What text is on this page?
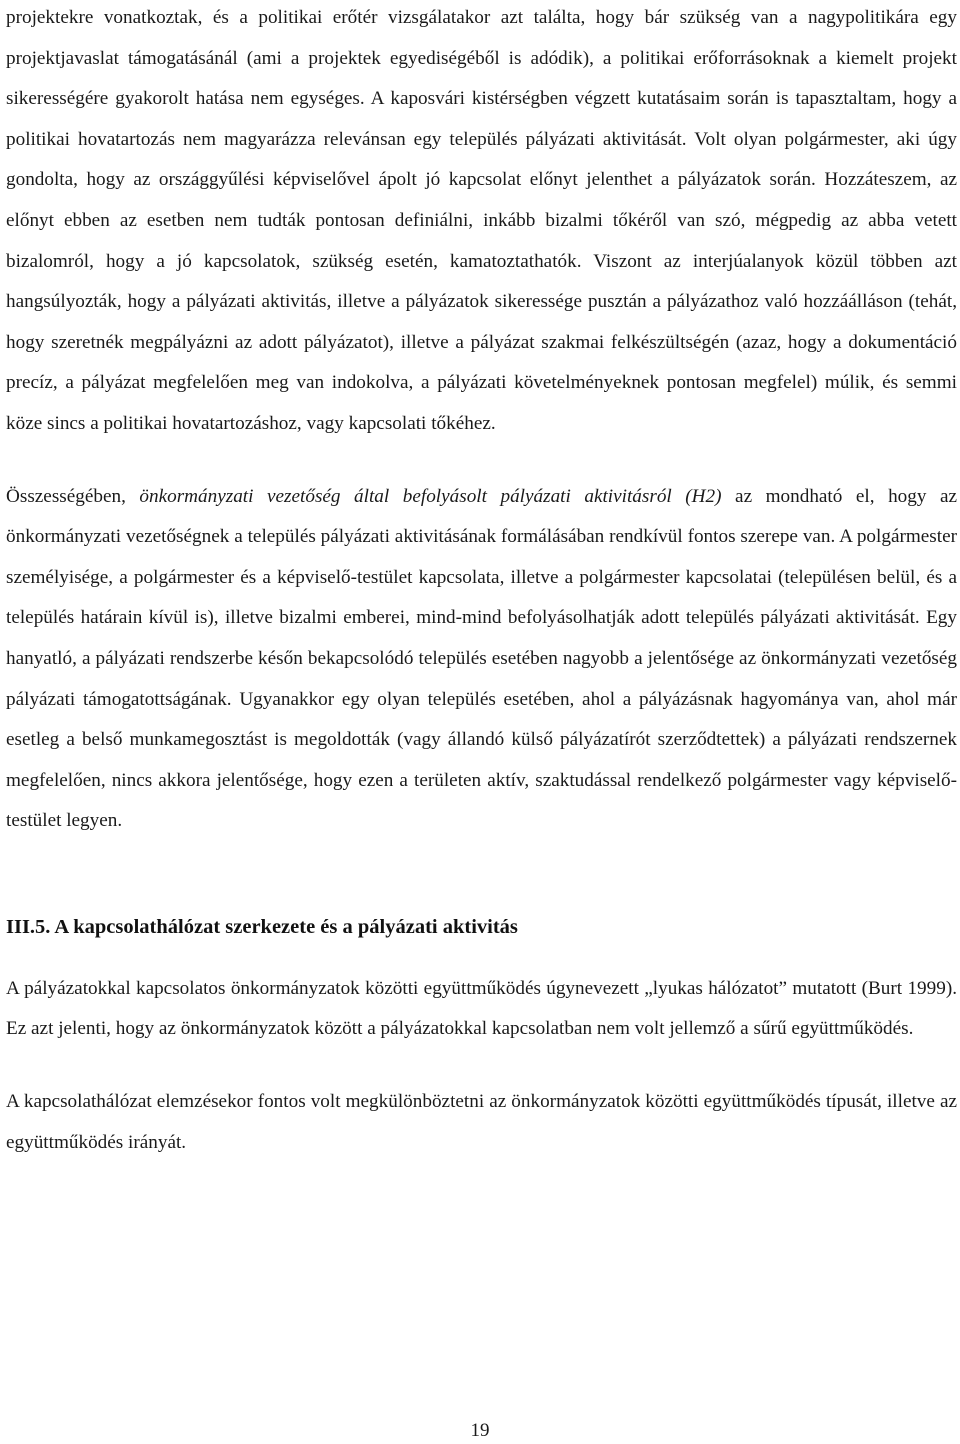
projektekre vonatkoztak, és a politikai erőtér vizsgálatakor azt találta, hogy bár szükség van a nagypolitikára egy projektjavaslat támogatásánál (ami a projektek egyediségéből is adódik), a politikai erőforrásoknak a kiemelt projekt sikerességére gyakorolt hatása nem egységes. A kaposvári kistérségben végzett kutatásaim során is tapasztaltam, hogy a politikai hovatartozás nem magyarázza relevánsan egy település pályázati aktivitását. Volt olyan polgármester, aki úgy gondolta, hogy az országgyűlési képviselővel ápolt jó kapcsolat előnyt jelenthet a pályázatok során. Hozzáteszem, az előnyt ebben az esetben nem tudták pontosan definiálni, inkább bizalmi tőkéről van szó, mégpedig az abba vetett bizalomról, hogy a jó kapcsolatok, szükség esetén, kamatoztathatók. Viszont az interjúalanyok közül többen azt hangsúlyozták, hogy a pályázati aktivitás, illetve a pályázatok sikeressége pusztán a pályázathoz való hozzáálláson (tehát, hogy szeretnék megpályázni az adott pályázatot), illetve a pályázat szakmai felkészültségén (azaz, hogy a dokumentáció precíz, a pályázat megfelelően meg van indokolva, a pályázati követelményeknek pontosan megfelel) múlik, és semmi köze sincs a politikai hovatartozáshoz, vagy kapcsolati tőkéhez.

Összességében, önkormányzati vezetőség által befolyásolt pályázati aktivitásról (H2) az mondható el, hogy az önkormányzati vezetőségnek a település pályázati aktivitásának formálásában rendkívül fontos szerepe van. A polgármester személyisége, a polgármester és a képviselő-testület kapcsolata, illetve a polgármester kapcsolatai (településen belül, és a település határain kívül is), illetve bizalmi emberei, mind-mind befolyásolhatják adott település pályázati aktivitását. Egy hanyatló, a pályázati rendszerbe későn bekapcsolódó település esetében nagyobb a jelentősége az önkormányzati vezetőség pályázati támogatottságának. Ugyanakkor egy olyan település esetében, ahol a pályázásnak hagyománya van, ahol már esetleg a belső munkamegosztást is megoldották (vagy állandó külső pályázatírót szerződtettek) a pályázati rendszernek megfelelően, nincs akkora jelentősége, hogy ezen a területen aktív, szaktudással rendelkező polgármester vagy képviselő-testület legyen.

III.5. A kapcsolathálózat szerkezete és a pályázati aktivitás

A pályázatokkal kapcsolatos önkormányzatok közötti együttműködés úgynevezett „lyukas hálózatot” mutatott (Burt 1999). Ez azt jelenti, hogy az önkormányzatok között a pályázatokkal kapcsolatban nem volt jellemző a sűrű együttműködés.

A kapcsolathálózat elemzésekor fontos volt megkülönböztetni az önkormányzatok közötti együttműködés típusát, illetve az együttműködés irányát.

19
